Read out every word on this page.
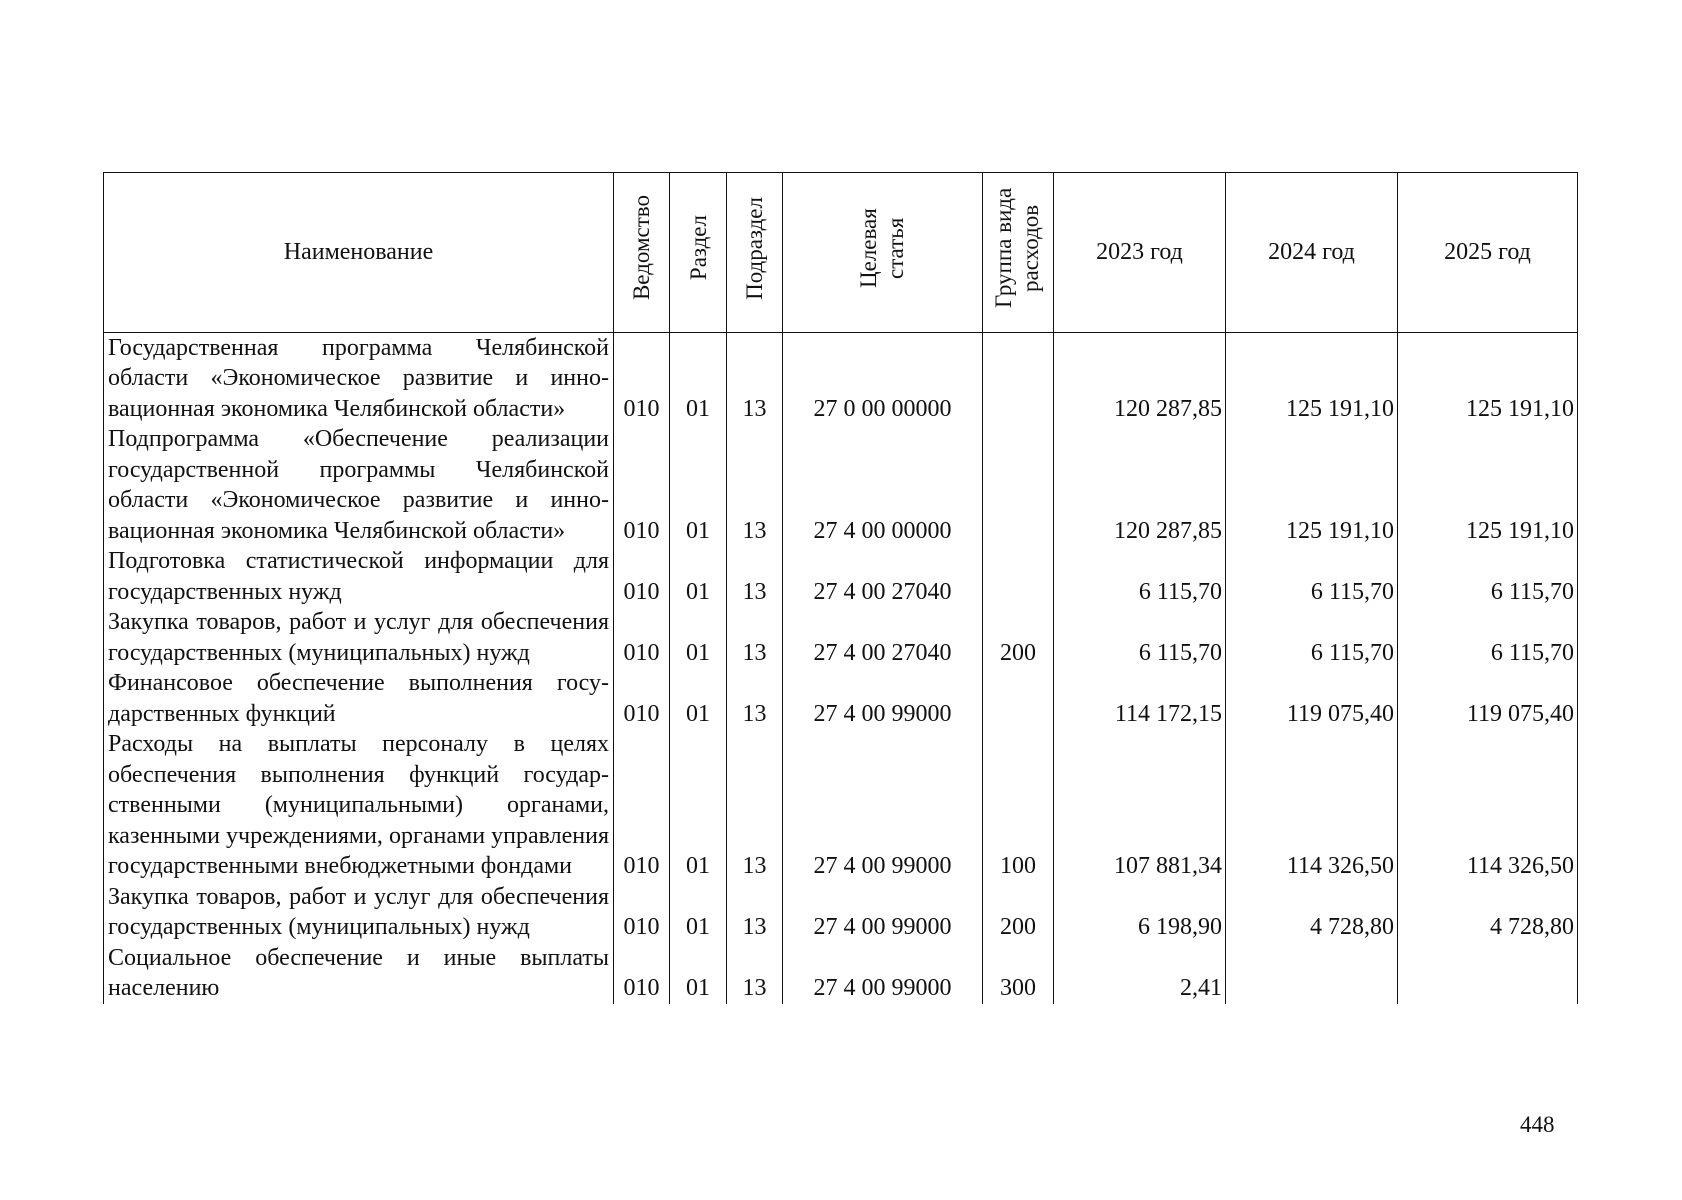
Наименование	Ведомство	Раздел	Подраздел	Целевая статья	Группа вида расходов	2023 год	2024 год	2025 год
Государственная программа Челябинской области «Экономическое развитие и инновационная экономика Челябинской области»	010	01	13	27 0 00 00000		120 287,85	125 191,10	125 191,10
Подпрограмма «Обеспечение реализации государственной программы Челябинской области «Экономическое развитие и инновационная экономика Челябинской области»	010	01	13	27 4 00 00000		120 287,85	125 191,10	125 191,10
Подготовка статистической информации для государственных нужд	010	01	13	27 4 00 27040		6 115,70	6 115,70	6 115,70
Закупка товаров, работ и услуг для обеспечения государственных (муниципальных) нужд	010	01	13	27 4 00 27040	200	6 115,70	6 115,70	6 115,70
Финансовое обеспечение выполнения государственных функций	010	01	13	27 4 00 99000		114 172,15	119 075,40	119 075,40
Расходы на выплаты персоналу в целях обеспечения выполнения функций государственными (муниципальными) органами, казенными учреждениями, органами управления государственными внебюджетными фондами	010	01	13	27 4 00 99000	100	107 881,34	114 326,50	114 326,50
Закупка товаров, работ и услуг для обеспечения государственных (муниципальных) нужд	010	01	13	27 4 00 99000	200	6 198,90	4 728,80	4 728,80
Социальное обеспечение и иные выплаты населению	010	01	13	27 4 00 99000	300	2,41		
448
